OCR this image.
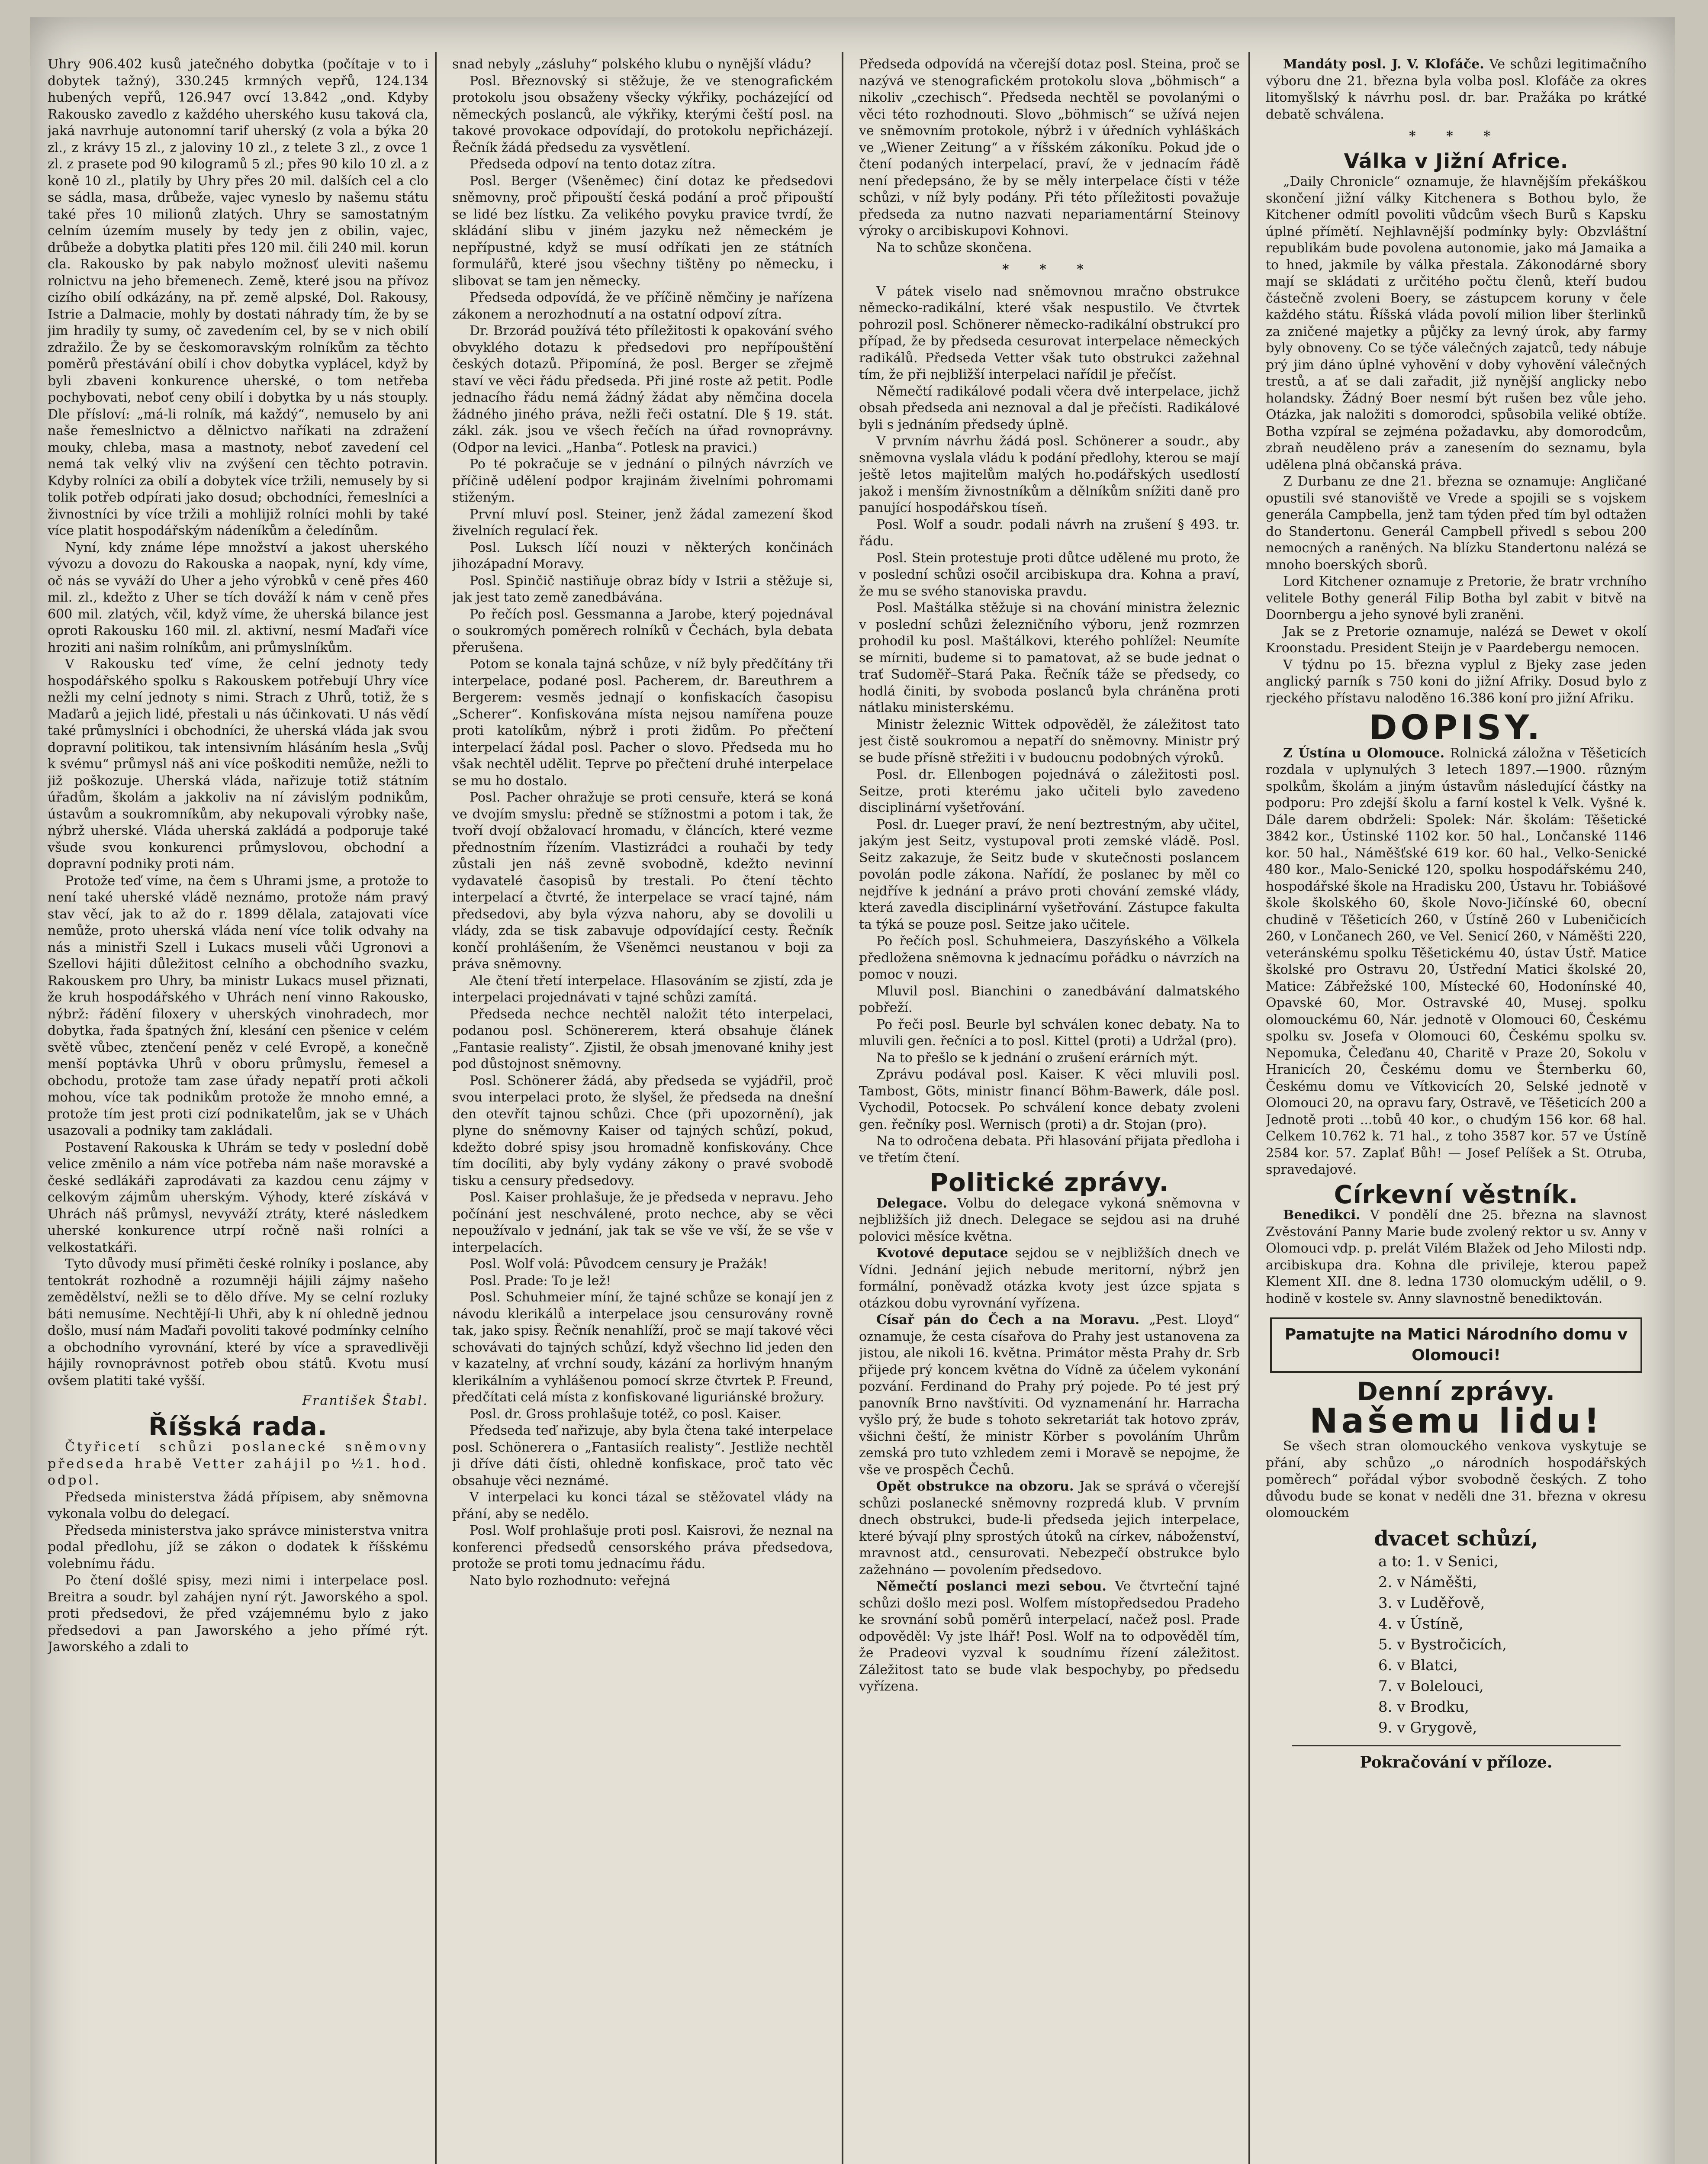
Uhry 906.402 kusů jatečného dobytka (počítaje v to i dobytek tažný), 330.245 krmných vepřů, 124.134 hubených vepřů, 126.947 ovcí 13.842 „ond. Kdyby Rakousko zavedlo z každého uherského kusu taková cla, jaká navrhuje autonomní tarif uherský (z vola a býka 20 zl., z krávy 15 zl., z jaloviny 10 zl., z telete 3 zl., z ovce 1 zl. z prasete pod 90 kilogramů 5 zl.; přes 90 kilo 10 zl. a z koně 10 zl., platily by Uhry přes 20 mil. dalších cel a clo se sádla, masa, drůbeže, vajec vyneslo by našemu státu také přes 10 milionů zlatých. Uhry se samostatným celním územím musely by tedy jen z obilin, vajec, drůbeže a dobytka platiti přes 120 mil. čili 240 mil. korun cla. Rakousko by pak nabylo možnosť uleviti našemu rolnictvu na jeho břemenech. Země, které jsou na přívoz cizího obilí odkázány, na př. země alpské, Dol. Rakousy, Istrie a Dalmacie, mohly by dostati náhrady tím, že by se jim hradily ty sumy, oč zavedením cel, by se v nich obilí zdražilo. Že by se českomoravským rolníkům za těchto poměrů přestávání obilí i chov dobytka vyplácel, když by byli zbaveni konkurence uherské, o tom netřeba pochybovati, neboť ceny obilí i dobytka by u nás stouply. Dle přísloví: „má-li rolník, má každý“, nemuselo by ani naše řemeslnictvo a dělnictvo naříkati na zdražení mouky, chleba, masa a mastnoty, neboť zavedení cel nemá tak velký vliv na zvýšení cen těchto potravin. Kdyby rolníci za obilí a dobytek více tržili, nemusely by si tolik potřeb odpírati jako dosud; obchodníci, řemeslníci a živnostníci by více tržili a mohlijiž rolníci mohli by také více platit hospodářským nádeníkům a čeledínům.

Nyní, kdy známe lépe množství a jakost uherského vývozu a dovozu do Rakouska a naopak, nyní, kdy víme, oč nás se vyváží do Uher a jeho výrobků v ceně přes 460 mil. zl., kdežto z Uher se tích dováží k nám v ceně přes 600 mil. zlatých, včil, když víme, že uherská bilance jest oproti Rakousku 160 mil. zl. aktivní, nesmí Maďaři více hroziti ani našim rolníkům, ani průmyslníkům.

V Rakousku teď víme, že celní jednoty tedy hospodářského spolku s Rakouskem potřebují Uhry více nežli my celní jednoty s nimi. Strach z Uhrů, totiž, že s Maďarů a jejich lidé, přestali u nás účinkovati. U nás vědí také průmyslníci i obchodníci, že uherská vláda jak svou dopravní politikou, tak intensivním hlásáním hesla „Svůj k svému“ průmysl náš ani více poškoditi nemůže, nežli to již poškozuje. Uherská vláda, nařizuje totiž státním úřadům, školám a jakkoliv na ní závislým podnikům, ústavům a soukromníkům, aby nekupovali výrobky naše, nýbrž uherské. Vláda uherská zakládá a podporuje také všude svou konkurenci průmyslovou, obchodní a dopravní podniky proti nám.

Protože teď víme, na čem s Uhrami jsme, a protože to není také uherské vládě neznámo, protože nám pravý stav věcí, jak to až do r. 1899 dělala, zatajovati více nemůže, proto uherská vláda není více tolik odvahy na nás a ministři Szell i Lukacs museli vůči Ugronovi a Szellovi hájiti důležitost celního a obchodního svazku, Rakouskem pro Uhry, ba ministr Lukacs musel přiznati, že kruh hospodářského v Uhrách není vinno Rakousko, nýbrž: řádění filoxery v uherských vinohradech, mor dobytka, řada špatných žní, klesání cen pšenice v celém světě vůbec, ztenčení peněz v celé Evropě, a konečně menší poptávka Uhrů v oboru průmyslu, řemesel a obchodu, protože tam zase úřady nepatří proti ačkoli mohou, více tak podnikům protože že mnoho emné, a protože tím jest proti cizí podnikatelům, jak se v Uhách usazovali a podniky tam zakládali.

Postavení Rakouska k Uhrám se tedy v poslední době velice změnilo a nám více potřeba nám naše moravské a české sedlákáři zaprodávati za kazdou cenu zájmy v celkovým zájmům uherským. Výhody, které získává v Uhrách náš průmysl, nevyváží ztráty, které následkem uherské konkurence utrpí ročně naši rolníci a velkostatkáři.

Tyto důvody musí přiměti české rolníky i poslance, aby tentokrát rozhodně a rozumněji hájili zájmy našeho zemědělství, nežli se to dělo dříve. My se celní rozluky báti nemusíme. Nechtějí-li Uhři, aby k ní ohledně jednou došlo, musí nám Maďaři povoliti takové podmínky celního a obchodního vyrovnání, které by více a spravedlivěji hájily rovnoprávnost potřeb obou států. Kvotu musí ovšem platiti také vyšší.

František Štabl.
Říšská rada.

Čtyřicetí schůzi poslanecké sněmovny předseda hrabě Vetter zahájil po ½1. hod. odpol.

Předseda ministerstva žádá přípisem, aby sněmovna vykonala volbu do delegací.

Předseda ministerstva jako správce ministerstva vnitra podal předlohu, jíž se zákon o dodatek k říšskému volebnímu řádu.

Po čtení došlé spisy, mezi nimi i interpelace posl. Breitra a soudr. byl zahájen nyní rýt. Jaworského a spol. proti předsedovi, že před vzájemnému bylo z jako předsedovi a pan Jaworského a jeho přímé rýt. Jaworského a zdali to

snad nebyly „zásluhy“ polského klubu o nynější vládu?

Posl. Březnovský si stěžuje, že ve stenografickém protokolu jsou obsaženy všecky výkřiky, pocházející od německých poslanců, ale výkřiky, kterými čeští posl. na takové provokace odpovídají, do protokolu nepřicházejí. Řečník žádá předsedu za vysvětlení.

Předseda odpoví na tento dotaz zítra.

Posl. Berger (Všeněmec) činí dotaz ke předsedovi sněmovny, proč připouští česká podání a proč připouští se lidé bez lístku. Za velikého povyku pravice tvrdí, že skládání slibu v jiném jazyku než německém je nepřípustné, když se musí odříkati jen ze státních formulářů, které jsou všechny tištěny po německu, i slibovat se tam jen německy.

Předseda odpovídá, že ve příčině němčiny je nařízena zákonem a nerozhodnutí a na ostatní odpoví zítra.

Dr. Brzorád používá této příležitosti k opakování svého obvyklého dotazu k předsedovi pro nepřípouštění českých dotazů. Připomíná, že posl. Berger se zřejmě staví ve věci řádu předseda. Při jiné roste až petit. Podle jednacího řádu nemá žádný žádat aby němčina docela žádného jiného práva, nežli řeči ostatní. Dle § 19. stát. zákl. zák. jsou ve všech řečích na úřad rovnoprávny. (Odpor na levici. „Hanba“. Potlesk na pravici.)

Po té pokračuje se v jednání o pilných návrzích ve příčině udělení podpor krajinám živelními pohromami stiženým.

První mluví posl. Steiner, jenž žádal zamezení škod živelních regulací řek.

Posl. Luksch líčí nouzi v některých končinách jihozápadní Moravy.

Posl. Spinčič nastiňuje obraz bídy v Istrii a stěžuje si, jak jest tato země zanedbávána.

Po řečích posl. Gessmanna a Jarobe, který pojednával o soukromých poměrech rolníků v Čechách, byla debata přerušena.

Potom se konala tajná schůze, v níž byly předčítány tři interpelace, podané posl. Pacherem, dr. Bareuthrem a Bergerem: vesměs jednají o konfiskacích časopisu „Scherer“. Konfiskována místa nejsou namířena pouze proti katolíkům, nýbrž i proti židům. Po přečtení interpelací žádal posl. Pacher o slovo. Předseda mu ho však nechtěl udělit. Teprve po přečtení druhé interpelace se mu ho dostalo.

Posl. Pacher ohražuje se proti censuře, která se koná ve dvojím smyslu: předně se stížnostmi a potom i tak, že tvoří dvojí obžalovací hromadu, v článcích, které vezme přednostním řízením. Vlastizrádci a rouhači by tedy zůstali jen náš zevně svobodně, kdežto nevinní vydavatelé časopisů by trestali. Po čtení těchto interpelací a čtvrté, že interpelace se vrací tajné, nám předsedovi, aby byla výzva nahoru, aby se dovolili u vlády, zda se tisk zabavuje odpovídající cesty. Řečník končí prohlášením, že Všeněmci neustanou v boji za práva sněmovny.

Ale čtení třetí interpelace. Hlasováním se zjistí, zda je interpelaci projednávati v tajné schůzi zamítá.

Předseda nechce nechtěl naložit této interpelaci, podanou posl. Schönererem, která obsahuje článek „Fantasie realisty“. Zjistil, že obsah jmenované knihy jest pod důstojnost sněmovny.

Posl. Schönerer žádá, aby předseda se vyjádřil, proč svou interpelaci proto, že slyšel, že předseda na dnešní den otevřít tajnou schůzi. Chce (při upozornění), jak plyne do sněmovny Kaiser od tajných schůzí, pokud, kdežto dobré spisy jsou hromadně konfiskovány. Chce tím docíliti, aby byly vydány zákony o pravé svobodě tisku a censury předsedovy.

Posl. Kaiser prohlašuje, že je předseda v nepravu. Jeho počínání jest neschválené, proto nechce, aby se věci nepoužívalo v jednání, jak tak se vše ve vší, že se vše v interpelacích.

Posl. Wolf volá: Původcem censury je Pražák!

Posl. Prade: To je lež!

Posl. Schuhmeier míní, že tajné schůze se konají jen z návodu klerikálů a interpelace jsou censurovány rovně tak, jako spisy. Řečník nenahlíží, proč se mají takové věci schovávati do tajných schůzí, když všechno lid jeden den v kazatelny, ať vrchní soudy, kázání za horlivým hnaným klerikálním a vyhlášenou pomocí skrze čtvrtek P. Freund, předčítati celá místa z konfiskované liguriánské brožury.

Posl. dr. Gross prohlašuje totéž, co posl. Kaiser.

Předseda teď nařizuje, aby byla čtena také interpelace posl. Schönerera o „Fantasiích realisty“. Jestliže nechtěl ji dříve dáti čísti, ohledně konfiskace, proč tato věc obsahuje věci neznámé.

V interpelaci ku konci tázal se stěžovatel vlády na přání, aby se nedělo.

Posl. Wolf prohlašuje proti posl. Kaisrovi, že neznal na konferenci předsedů censorského práva předsedova, protože se proti tomu jednacímu řádu.

Nato bylo rozhodnuto: veřejná

Předseda odpovídá na včerejší dotaz posl. Steina, proč se nazývá ve stenografickém protokolu slova „böhmisch“ a nikoliv „czechisch“. Předseda nechtěl se povolanými o věci této rozhodnouti. Slovo „böhmisch“ se užívá nejen ve sněmovním protokole, nýbrž i v úředních vyhláškách ve „Wiener Zeitung“ a v říšském zákoníku. Pokud jde o čtení podaných interpelací, praví, že v jednacím řádě není předepsáno, že by se měly interpelace čísti v téže schůzi, v níž byly podány. Při této příležitosti považuje předseda za nutno nazvati nepariamentární Steinovy výroky o arcibiskupovi Kohnovi.

Na to schůze skončena.

* * *

V pátek viselo nad sněmovnou mračno obstrukce německo-radikální, které však nespustilo. Ve čtvrtek pohrozil posl. Schönerer německo-radikální obstrukcí pro případ, že by předseda cesurovat interpelace německých radikálů. Předseda Vetter však tuto obstrukci zažehnal tím, že při nejbližší interpelaci nařídil je přečíst.

Němečtí radikálové podali včera dvě interpelace, jichž obsah předseda ani neznoval a dal je přečísti. Radikálové byli s jednáním předsedy úplně.

V prvním návrhu žádá posl. Schönerer a soudr., aby sněmovna vyslala vládu k podání předlohy, kterou se mají ještě letos majitelům malých ho.podářských usedlostí jakož i menším živnostníkům a dělníkům snížiti daně pro panující hospodářskou tíseň.

Posl. Wolf a soudr. podali návrh na zrušení § 493. tr. řádu.

Posl. Stein protestuje proti důtce udělené mu proto, že v poslední schůzi osočil arcibiskupa dra. Kohna a praví, že mu se svého stanoviska pravdu.

Posl. Maštálka stěžuje si na chování ministra železnic v poslední schůzi železničního výboru, jenž rozmrzen prohodil ku posl. Maštálkovi, kterého pohlížel: Neumíte se mírniti, budeme si to pamatovat, až se bude jednat o trať Sudoměř–Stará Paka. Řečník táže se předsedy, co hodlá činiti, by svoboda poslanců byla chráněna proti nátlaku ministerskému.

Ministr železnic Wittek odpověděl, že záležitost tato jest čistě soukromou a nepatří do sněmovny. Ministr prý se bude přísně střežiti i v budoucnu podobných výroků.

Posl. dr. Ellenbogen pojednává o záležitosti posl. Seitze, proti kterému jako učiteli bylo zavedeno disciplinární vyšetřování.

Posl. dr. Lueger praví, že není beztrestným, aby učitel, jakým jest Seitz, vystupoval proti zemské vládě. Posl. Seitz zakazuje, že Seitz bude v skutečnosti poslancem povolán podle zákona. Nařídí, že poslanec by měl co nejdříve k jednání a právo proti chování zemské vlády, která zavedla disciplinární vyšetřování. Zástupce fakulta ta týká se pouze posl. Seitze jako učitele.

Po řečích posl. Schuhmeiera, Daszyńského a Völkela předložena sněmovna k jednacímu pořádku o návrzích na pomoc v nouzi.

Mluvil posl. Bianchini o zanedbávání dalmatského pobřeží.

Po řeči posl. Beurle byl schválen konec debaty. Na to mluvili gen. řečníci a to posl. Kittel (proti) a Udržal (pro).

Na to přešlo se k jednání o zrušení erárních mýt.

Zprávu podával posl. Kaiser. K věci mluvili posl. Tambost, Göts, ministr financí Böhm-Bawerk, dále posl. Vychodil, Potocsek. Po schválení konce debaty zvoleni gen. řečníky posl. Wernisch (proti) a dr. Stojan (pro).

Na to odročena debata. Při hlasování přijata předloha i ve třetím čtení.

Politické zprávy.

Delegace. Volbu do delegace vykoná sněmovna v nejbližších již dnech. Delegace se sejdou asi na druhé polovici měsíce května.

Kvotové deputace sejdou se v nejbližších dnech ve Vídni. Jednání jejich nebude meritorní, nýbrž jen formální, poněvadž otázka kvoty jest úzce spjata s otázkou dobu vyrovnání vyřízena.

Císař pán do Čech a na Moravu. „Pest. Lloyd“ oznamuje, že cesta císařova do Prahy jest ustanovena za jistou, ale nikoli 16. května. Primátor města Prahy dr. Srb přijede prý koncem května do Vídně za účelem vykonání pozvání. Ferdinand do Prahy prý pojede. Po té jest prý panovník Brno navštíviti. Od vyznamenání hr. Harracha vyšlo prý, že bude s tohoto sekretariát tak hotovo zpráv, všichni čeští, že ministr Körber s povoláním Uhrům zemská pro tuto vzhledem zemi i Moravě se nepojme, že vše ve prospěch Čechů.

Opět obstrukce na obzoru. Jak se správá o včerejší schůzi poslanecké sněmovny rozpredá klub. V prvním dnech obstrukci, bude-li předseda jejich interpelace, které bývají plny sprostých útoků na církev, náboženství, mravnost atd., censurovati. Nebezpečí obstrukce bylo zažehnáno — povolením předsedovo.

Němečtí poslanci mezi sebou. Ve čtvrteční tajné schůzi došlo mezi posl. Wolfem místopředsedou Pradeho ke srovnání sobů poměrů interpelací, načež posl. Prade odpověděl: Vy jste lhář! Posl. Wolf na to odpověděl tím, že Pradeovi vyzval k soudnímu řízení záležitost. Záležitost tato se bude vlak bespochyby, po předsedu vyřízena.

Mandáty posl. J. V. Klofáče. Ve schůzi legitimačního výboru dne 21. března byla volba posl. Klofáče za okres litomyšlský k návrhu posl. dr. bar. Pražáka po krátké debatě schválena.

* * *
Válka v Jižní Africe.

„Daily Chronicle“ oznamuje, že hlavnějším překáškou skončení jižní války Kitchenera s Bothou bylo, že Kitchener odmítl povoliti vůdcům všech Burů s Kapsku úplné přímětí. Nejhlavnější podmínky byly: Obzvláštní republikám bude povolena autonomie, jako má Jamaika a to hned, jakmile by válka přestala. Zákonodárné sbory mají se skládati z určitého počtu členů, kteří budou částečně zvoleni Boery, se zástupcem koruny v čele každého státu. Říšská vláda povolí milion liber šterlinků za zničené majetky a půjčky za levný úrok, aby farmy byly obnoveny. Co se týče válečných zajatců, tedy nábuje prý jim dáno úplné vyhovění v doby vyhovění válečných trestů, a ať se dali zařadit, již nynější anglicky nebo holandsky. Žádný Boer nesmí být rušen bez vůle jeho. Otázka, jak naložiti s domorodci, spůsobila veliké obtíže. Botha vzpíral se zejména požadavku, aby domorodcům, zbraň neuděleno práv a zanesením do seznamu, byla udělena plná občanská práva.

Z Durbanu ze dne 21. března se oznamuje: Angličané opustili své stanoviště ve Vrede a spojili se s vojskem generála Campbella, jenž tam týden před tím byl odtažen do Standertonu. Generál Campbell přivedl s sebou 200 nemocných a raněných. Na blízku Standertonu nalézá se mnoho boerských sborů.

Lord Kitchener oznamuje z Pretorie, že bratr vrchního velitele Bothy generál Filip Botha byl zabit v bitvě na Doornbergu a jeho synové byli zraněni.

Jak se z Pretorie oznamuje, nalézá se Dewet v okolí Kroonstadu. President Steijn je v Paardebergu nemocen.

V týdnu po 15. března vyplul z Bjeky zase jeden anglický parník s 750 koni do jižní Afriky. Dosud bylo z rjeckého přístavu naloděno 16.386 koní pro jižní Afriku.

DOPISY.

Z Ústína u Olomouce. Rolnická záložna v Těšeticích rozdala v uplynulých 3 letech 1897.—1900. různým spolkům, školám a jiným ústavům následující částky na podporu: Pro zdejší školu a farní kostel k Velk. Vyšné k. Dále darem obdrželi: Spolek: Nár. školám: Těšetické 3842 kor., Ústinské 1102 kor. 50 hal., Lončanské 1146 kor. 50 hal., Náměšťské 619 kor. 60 hal., Velko-Senické 480 kor., Malo-Senické 120, spolku hospodářskému 240, hospodářské škole na Hradisku 200, Ústavu hr. Tobiášové škole školského 60, škole Novo-Jičínské 60, obecní chudině v Těšeticích 260, v Ústíně 260 v Lubeničicích 260, v Lončanech 260, ve Vel. Senicí 260, v Náměšti 220, veteránskému spolku Těšetickému 40, ústav Ústř. Matice školské pro Ostravu 20, Ústřední Matici školské 20, Matice: Zábřežské 100, Místecké 60, Hodonínské 40, Opavské 60, Mor. Ostravské 40, Musej. spolku olomouckému 60, Nár. jednotě v Olomouci 60, Českému spolku sv. Josefa v Olomouci 60, Českému spolku sv. Nepomuka, Čeleďanu 40, Charitě v Praze 20, Sokolu v Hranicích 20, Českému domu ve Šternberku 60, Českému domu ve Vítkovicích 20, Selské jednotě v Olomouci 20, na opravu fary, Ostravě, ve Těšeticích 200 a Jednotě proti ...tobů 40 kor., o chudým 156 kor. 68 hal. Celkem 10.762 k. 71 hal., z toho 3587 kor. 57 ve Ústíně 2584 kor. 57. Zaplať Bůh! — Josef Pelíšek a St. Otruba, spravedajové.

Církevní věstník.

Benedikci. V pondělí dne 25. března na slavnost Zvěstování Panny Marie bude zvolený rektor u sv. Anny v Olomouci vdp. p. prelát Vilém Blažek od Jeho Milosti ndp. arcibiskupa dra. Kohna dle privileje, kterou papež Klement XII. dne 8. ledna 1730 olomuckým udělil, o 9. hodině v kostele sv. Anny slavnostně benediktován.

Pamatujte na Matici Národního domu v Olomouci!
Denní zprávy.
Našemu lidu!

Se všech stran olomouckého venkova vyskytuje se přání, aby schůzo „o národních hospodářských poměrech“ pořádal výbor svobodně českých. Z toho důvodu bude se konat v neděli dne 31. března v okresu olomouckém

dvacet schůzí,
a to: 1. v Senici,
2. v Náměšti,
3. v Luděřově,
4. v Ústíně,
5. v Bystročicích,
6. v Blatci,
7. v Bolelouci,
8. v Brodku,
9. v Grygově,
Pokračování v příloze.
